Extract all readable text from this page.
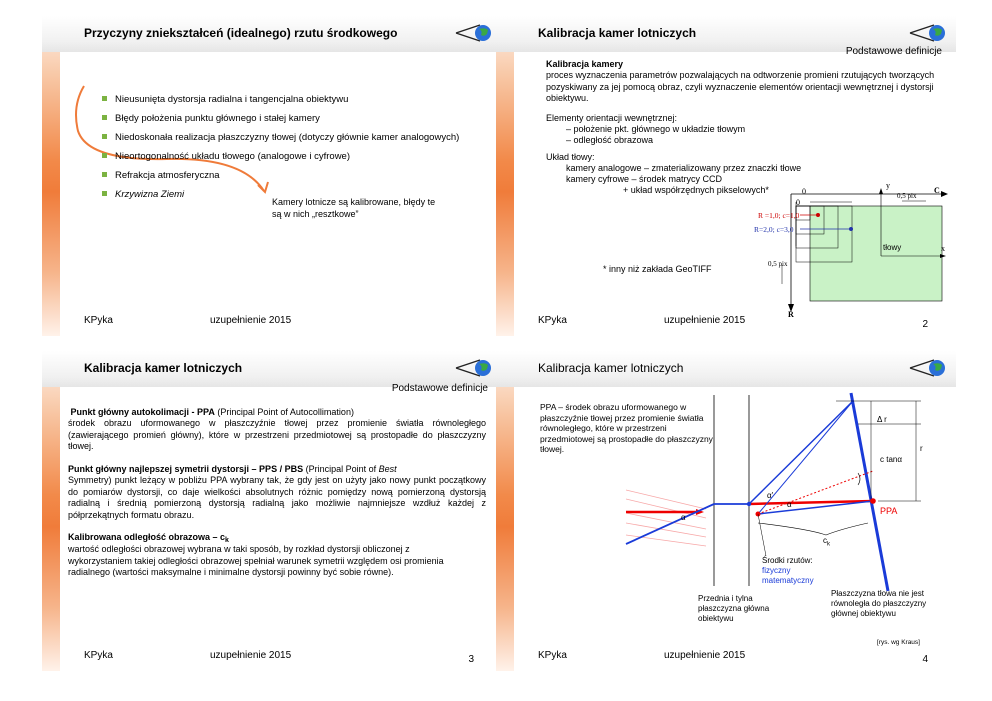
Przyczyny zniekształceń (idealnego) rzutu środkowego
Nieusunięta dystorsja radialna i tangencjalna obiektywu
Błędy położenia punktu głównego i stałej kamery
Niedoskonała realizacja płaszczyzny tłowej (dotyczy głównie kamer analogowych)
Nieortogonalność układu tłowego (analogowe i cyfrowe)
Refrakcja atmosferyczna
Krzywizna Ziemi
Kamery lotnicze są kalibrowane, błędy te
są w nich „resztkowe”
KPyka	uzupełnienie 2015
Kalibracja kamer lotniczych
Podstawowe definicje
Kalibracja kamery
proces wyznaczenia parametrów pozwalających na odtworzenie promieni rzutujących tworzących pozyskiwany za jej pomocą obraz, czyli wyznaczenie elementów orientacji wewnętrznej i dystorsji obiektywu.
Elementy orientacji wewnętrznej:
– położenie pkt. głównego w układzie tłowym
– odległość obrazowa
Układ tłowy:
kamery analogowe – zmaterializowany przez znaczki tłowe
kamery cyfrowe – środek matrycy CCD
+ układ współrzędnych pikselowych*
* inny niż zakłada GeoTIFF
0
0
0,5 pix
0,5 pix
C
y
x
R
R =1,0; c=1,0
R=2,0; c=3,0
tłowy
KPyka	uzupełnienie 2015	2
Kalibracja kamer lotniczych
Podstawowe definicje
Punkt główny autokolimacji - PPA (Principal Point of Autocollimation)
środek obrazu uformowanego w płaszczyźnie tłowej przez promienie światła równoległego (zawierającego promień główny), które w przestrzeni przedmiotowej są prostopadłe do płaszczyzny tłowej.
Punkt główny najlepszej symetrii dystorsji – PPS / PBS (Principal Point of Best
Symmetry) punkt leżący w pobliżu PPA wybrany tak, że gdy jest on użyty jako nowy punkt początkowy do pomiarów dystorsji, co daje wielkości absolutnych różnic pomiędzy nową pomierzoną dystorsją radialną i średnią pomierzoną dystorsją radialną jako możliwie najmniejsze wzdłuż każdej z półprzekątnych formatu obrazu.
Kalibrowana odległość obrazowa – $c_k$
wartość odległości obrazowej wybrana w taki sposób, by rozkład dystorsji obliczonej z wykorzystaniem takiej odległości obrazowej spełniał warunek symetrii względem osi promienia radialnego (wartości maksymalne i minimalne dystorsji powinny być sobie równe).
KPyka	uzupełnienie 2015	3
Kalibracja kamer lotniczych
PPA – środek obrazu uformowanego w płaszczyźnie tłowej przez promienie światła równoległego, które w przestrzeni przedmiotowej są prostopadłe do płaszczyzny tłowej.
Δ r
r
c tanα
α'
α
α
$c_k$
PPA
Środki rzutów:
fizyczny
matematyczny
Przednia i tylna płaszczyzna główna obiektywu
Płaszczyzna tłowa nie jest równoległa do płaszczyzny głównej obiektywu
[rys. wg Kraus]
KPyka	uzupełnienie 2015	4
